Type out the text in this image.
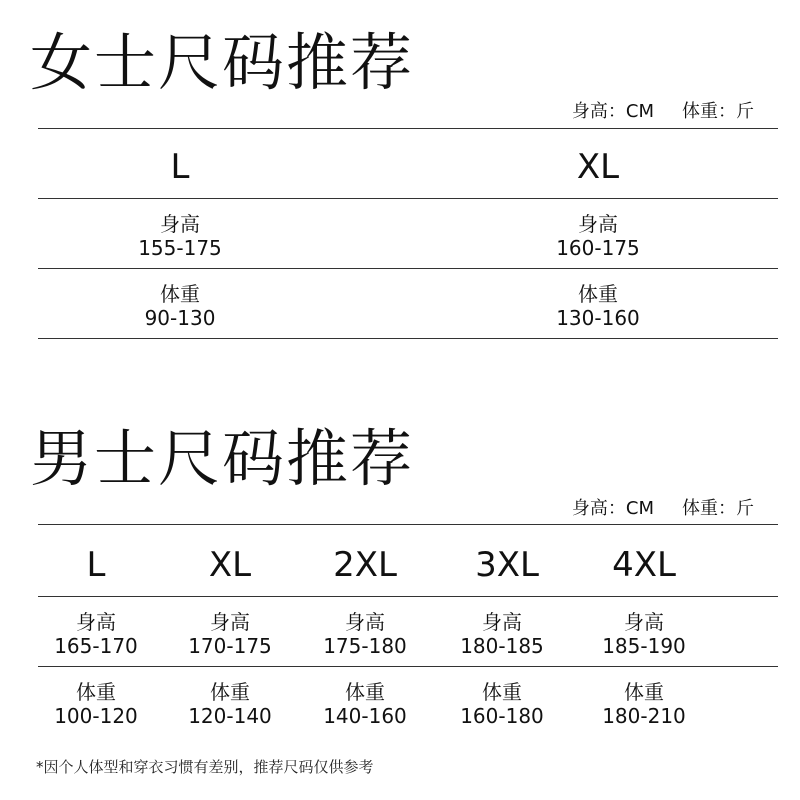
女士尺码推荐
身高：CM 体重：斤
L	XL
身高
155-175
身高
160-175
体重
90-130
体重
130-160
男士尺码推荐
身高：CM 体重：斤
L	XL 2XL 3XL 4XL
身高
165-170
身高
170-175
身高
175-180
身高
180-185
身高
185-190
体重
100-120
体重
120-140
体重
140-160
体重
160-180
体重
180-210
*因个人体型和穿衣习惯有差别，推荐尺码仅供参考
